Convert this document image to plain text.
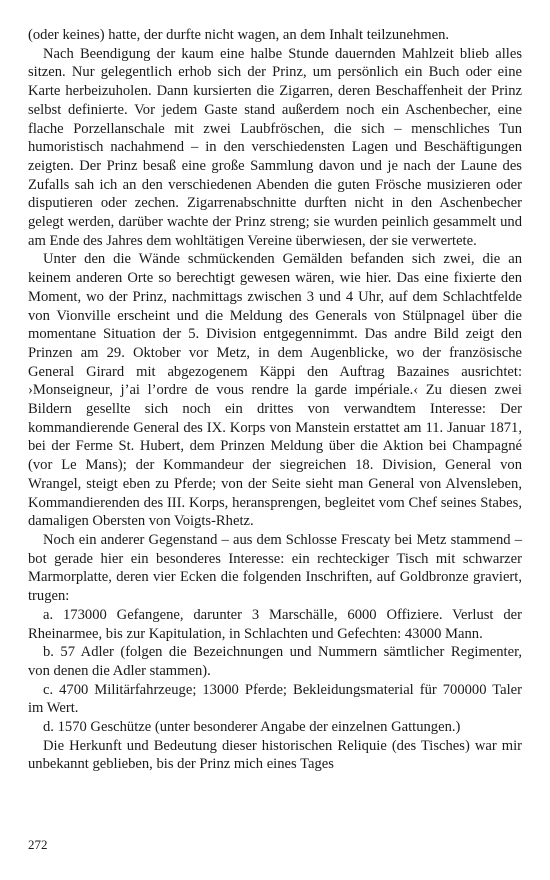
(oder keines) hatte, der durfte nicht wagen, an dem Inhalt teilzunehmen.

Nach Beendigung der kaum eine halbe Stunde dauernden Mahlzeit blieb alles sitzen. Nur gelegentlich erhob sich der Prinz, um persönlich ein Buch oder eine Karte herbeizuholen. Dann kursierten die Zigarren, deren Beschaffenheit der Prinz selbst definierte. Vor jedem Gaste stand außerdem noch ein Aschenbecher, eine flache Porzellanschale mit zwei Laubfröschen, die sich – menschliches Tun humoristisch nachahmend – in den verschiedensten Lagen und Beschäftigungen zeigten. Der Prinz besaß eine große Sammlung davon und je nach der Laune des Zufalls sah ich an den verschiedenen Abenden die guten Frösche musizieren oder disputieren oder zechen. Zigarrenabschnitte durften nicht in den Aschenbecher gelegt werden, darüber wachte der Prinz streng; sie wurden peinlich gesammelt und am Ende des Jahres dem wohltätigen Vereine überwiesen, der sie verwertete.

Unter den die Wände schmückenden Gemälden befanden sich zwei, die an keinem anderen Orte so berechtigt gewesen wären, wie hier. Das eine fixierte den Moment, wo der Prinz, nachmittags zwischen 3 und 4 Uhr, auf dem Schlachtfelde von Vionville erscheint und die Meldung des Generals von Stülpnagel über die momentane Situation der 5. Division entgegennimmt. Das andre Bild zeigt den Prinzen am 29. Oktober vor Metz, in dem Augenblicke, wo der französische General Girard mit abgezogenem Käppi den Auftrag Bazaines ausrichtet: ›Monseigneur, j’ai l’ordre de vous rendre la garde impériale.‹ Zu diesen zwei Bildern gesellte sich noch ein drittes von verwandtem Interesse: Der kommandierende General des IX. Korps von Manstein erstattet am 11. Januar 1871, bei der Ferme St. Hubert, dem Prinzen Meldung über die Aktion bei Champagné (vor Le Mans); der Kommandeur der siegreichen 18. Division, General von Wrangel, steigt eben zu Pferde; von der Seite sieht man General von Alvensleben, Kommandierenden des III. Korps, heransprengen, begleitet vom Chef seines Stabes, damaligen Obersten von Voigts-Rhetz.

Noch ein anderer Gegenstand – aus dem Schlosse Frescaty bei Metz stammend – bot gerade hier ein besonderes Interesse: ein rechteckiger Tisch mit schwarzer Marmorplatte, deren vier Ecken die folgenden Inschriften, auf Goldbronze graviert, trugen:

a. 173000 Gefangene, darunter 3 Marschälle, 6000 Offiziere. Verlust der Rheinarmee, bis zur Kapitulation, in Schlachten und Gefechten: 43000 Mann.

b. 57 Adler (folgen die Bezeichnungen und Nummern sämtlicher Regimenter, von denen die Adler stammen).

c. 4700 Militärfahrzeuge; 13000 Pferde; Bekleidungsmaterial für 700000 Taler im Wert.

d. 1570 Geschütze (unter besonderer Angabe der einzelnen Gattungen.)

Die Herkunft und Bedeutung dieser historischen Reliquie (des Tisches) war mir unbekannt geblieben, bis der Prinz mich eines Tages

272
